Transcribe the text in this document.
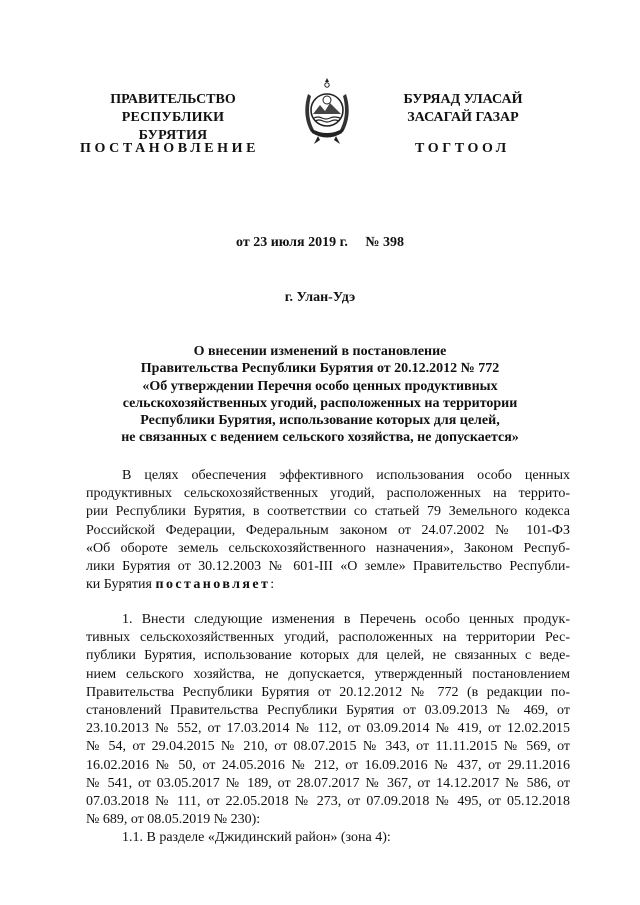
ПРАВИТЕЛЬСТВО
РЕСПУБЛИКИ БУРЯТИЯ
БУРЯАД УЛАСАЙ
ЗАСАГАЙ ГАЗАР
ПОСТАНОВЛЕНИЕ	ТОГТООЛ
от 23 июля 2019 г. № 398
г. Улан-Удэ
О внесении изменений в постановление
Правительства Республики Бурятия от 20.12.2012 № 772
«Об утверждении Перечня особо ценных продуктивных
сельскохозяйственных угодий, расположенных на территории
Республики Бурятия, использование которых для целей,
не связанных с ведением сельского хозяйства, не допускается»
В целях обеспечения эффективного использования особо ценных
продуктивных сельскохозяйственных угодий, расположенных на террито-
рии Республики Бурятия, в соответствии со статьей 79 Земельного кодекса
Российской Федерации, Федеральным законом от 24.07.2002 № 101-ФЗ
«Об обороте земель сельскохозяйственного назначения», Законом Респуб-
лики Бурятия от 30.12.2003 № 601-III «О земле» Правительство Республи-
ки Бурятия постановляет:
1. Внести следующие изменения в Перечень особо ценных продук-
тивных сельскохозяйственных угодий, расположенных на территории Рес-
публики Бурятия, использование которых для целей, не связанных с веде-
нием сельского хозяйства, не допускается, утвержденный постановлением
Правительства Республики Бурятия от 20.12.2012 № 772 (в редакции по-
становлений Правительства Республики Бурятия от 03.09.2013 № 469, от
23.10.2013 № 552, от 17.03.2014 № 112, от 03.09.2014 № 419, от 12.02.2015
№ 54, от 29.04.2015 № 210, от 08.07.2015 № 343, от 11.11.2015 № 569, от
16.02.2016 № 50, от 24.05.2016 № 212, от 16.09.2016 № 437, от 29.11.2016
№ 541, от 03.05.2017 № 189, от 28.07.2017 № 367, от 14.12.2017 № 586, от
07.03.2018 № 111, от 22.05.2018 № 273, от 07.09.2018 № 495, от 05.12.2018
№ 689, от 08.05.2019 № 230):
1.1. В разделе «Джидинский район» (зона 4):
